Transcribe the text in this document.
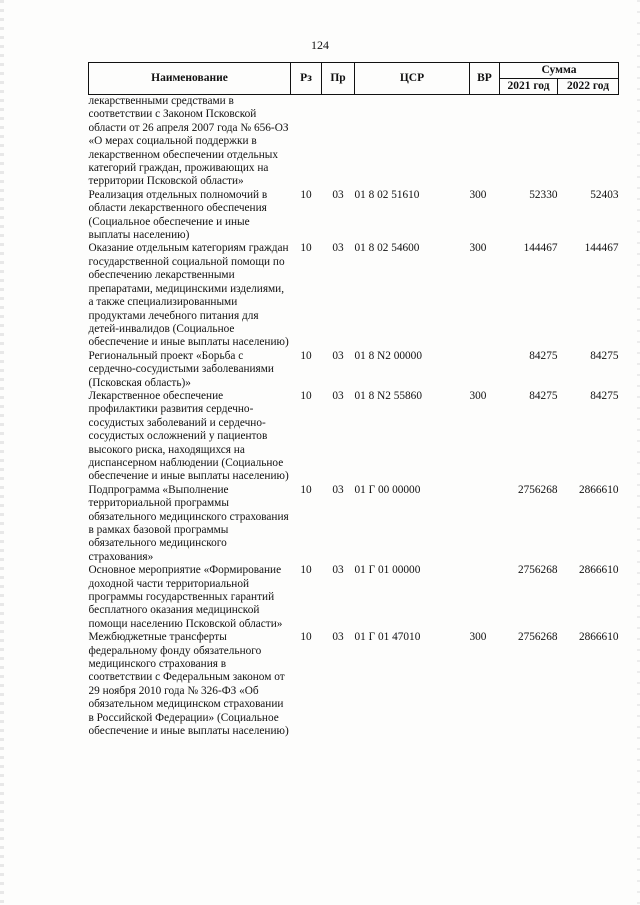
124
Наименование	Рз	Пр	ЦСР	ВР	Сумма	
					2021 год	2022 год
лекарственными средствами в соответствии с Законом Псковской области от 26 апреля 2007 года № 656-ОЗ «О мерах социальной поддержки в лекарственном обеспечении отдельных категорий граждан, проживающих на территории Псковской области»						
Реализация отдельных полномочий в области лекарственного обеспечения (Социальное обеспечение и иные выплаты населению)	10	03	01 8 02 51610	300	52330	52403
Оказание отдельным категориям граждан государственной социальной помощи по обеспечению лекарственными препаратами, медицинскими изделиями, а также специализированными продуктами лечебного питания для детей-инвалидов (Социальное обеспечение и иные выплаты населению)	10	03	01 8 02 54600	300	144467	144467
Региональный проект «Борьба с сердечно-сосудистыми заболеваниями (Псковская область)»	10	03	01 8 N2 00000		84275	84275
Лекарственное обеспечение профилактики развития сердечно-сосудистых заболеваний и сердечно-сосудистых осложнений у пациентов высокого риска, находящихся на диспансерном наблюдении (Социальное обеспечение и иные выплаты населению)	10	03	01 8 N2 55860	300	84275	84275
Подпрограмма «Выполнение территориальной программы обязательного медицинского страхования в рамках базовой программы обязательного медицинского страхования»	10	03	01 Г 00 00000		2756268	2866610
Основное мероприятие «Формирование доходной части территориальной программы государственных гарантий бесплатного оказания медицинской помощи населению Псковской области»	10	03	01 Г 01 00000		2756268	2866610
Межбюджетные трансферты федеральному фонду обязательного медицинского страхования в соответствии с Федеральным законом от 29 ноября 2010 года № 326-ФЗ «Об обязательном медицинском страховании в Российской Федерации» (Социальное обеспечение и иные выплаты населению)	10	03	01 Г 01 47010	300	2756268	2866610
